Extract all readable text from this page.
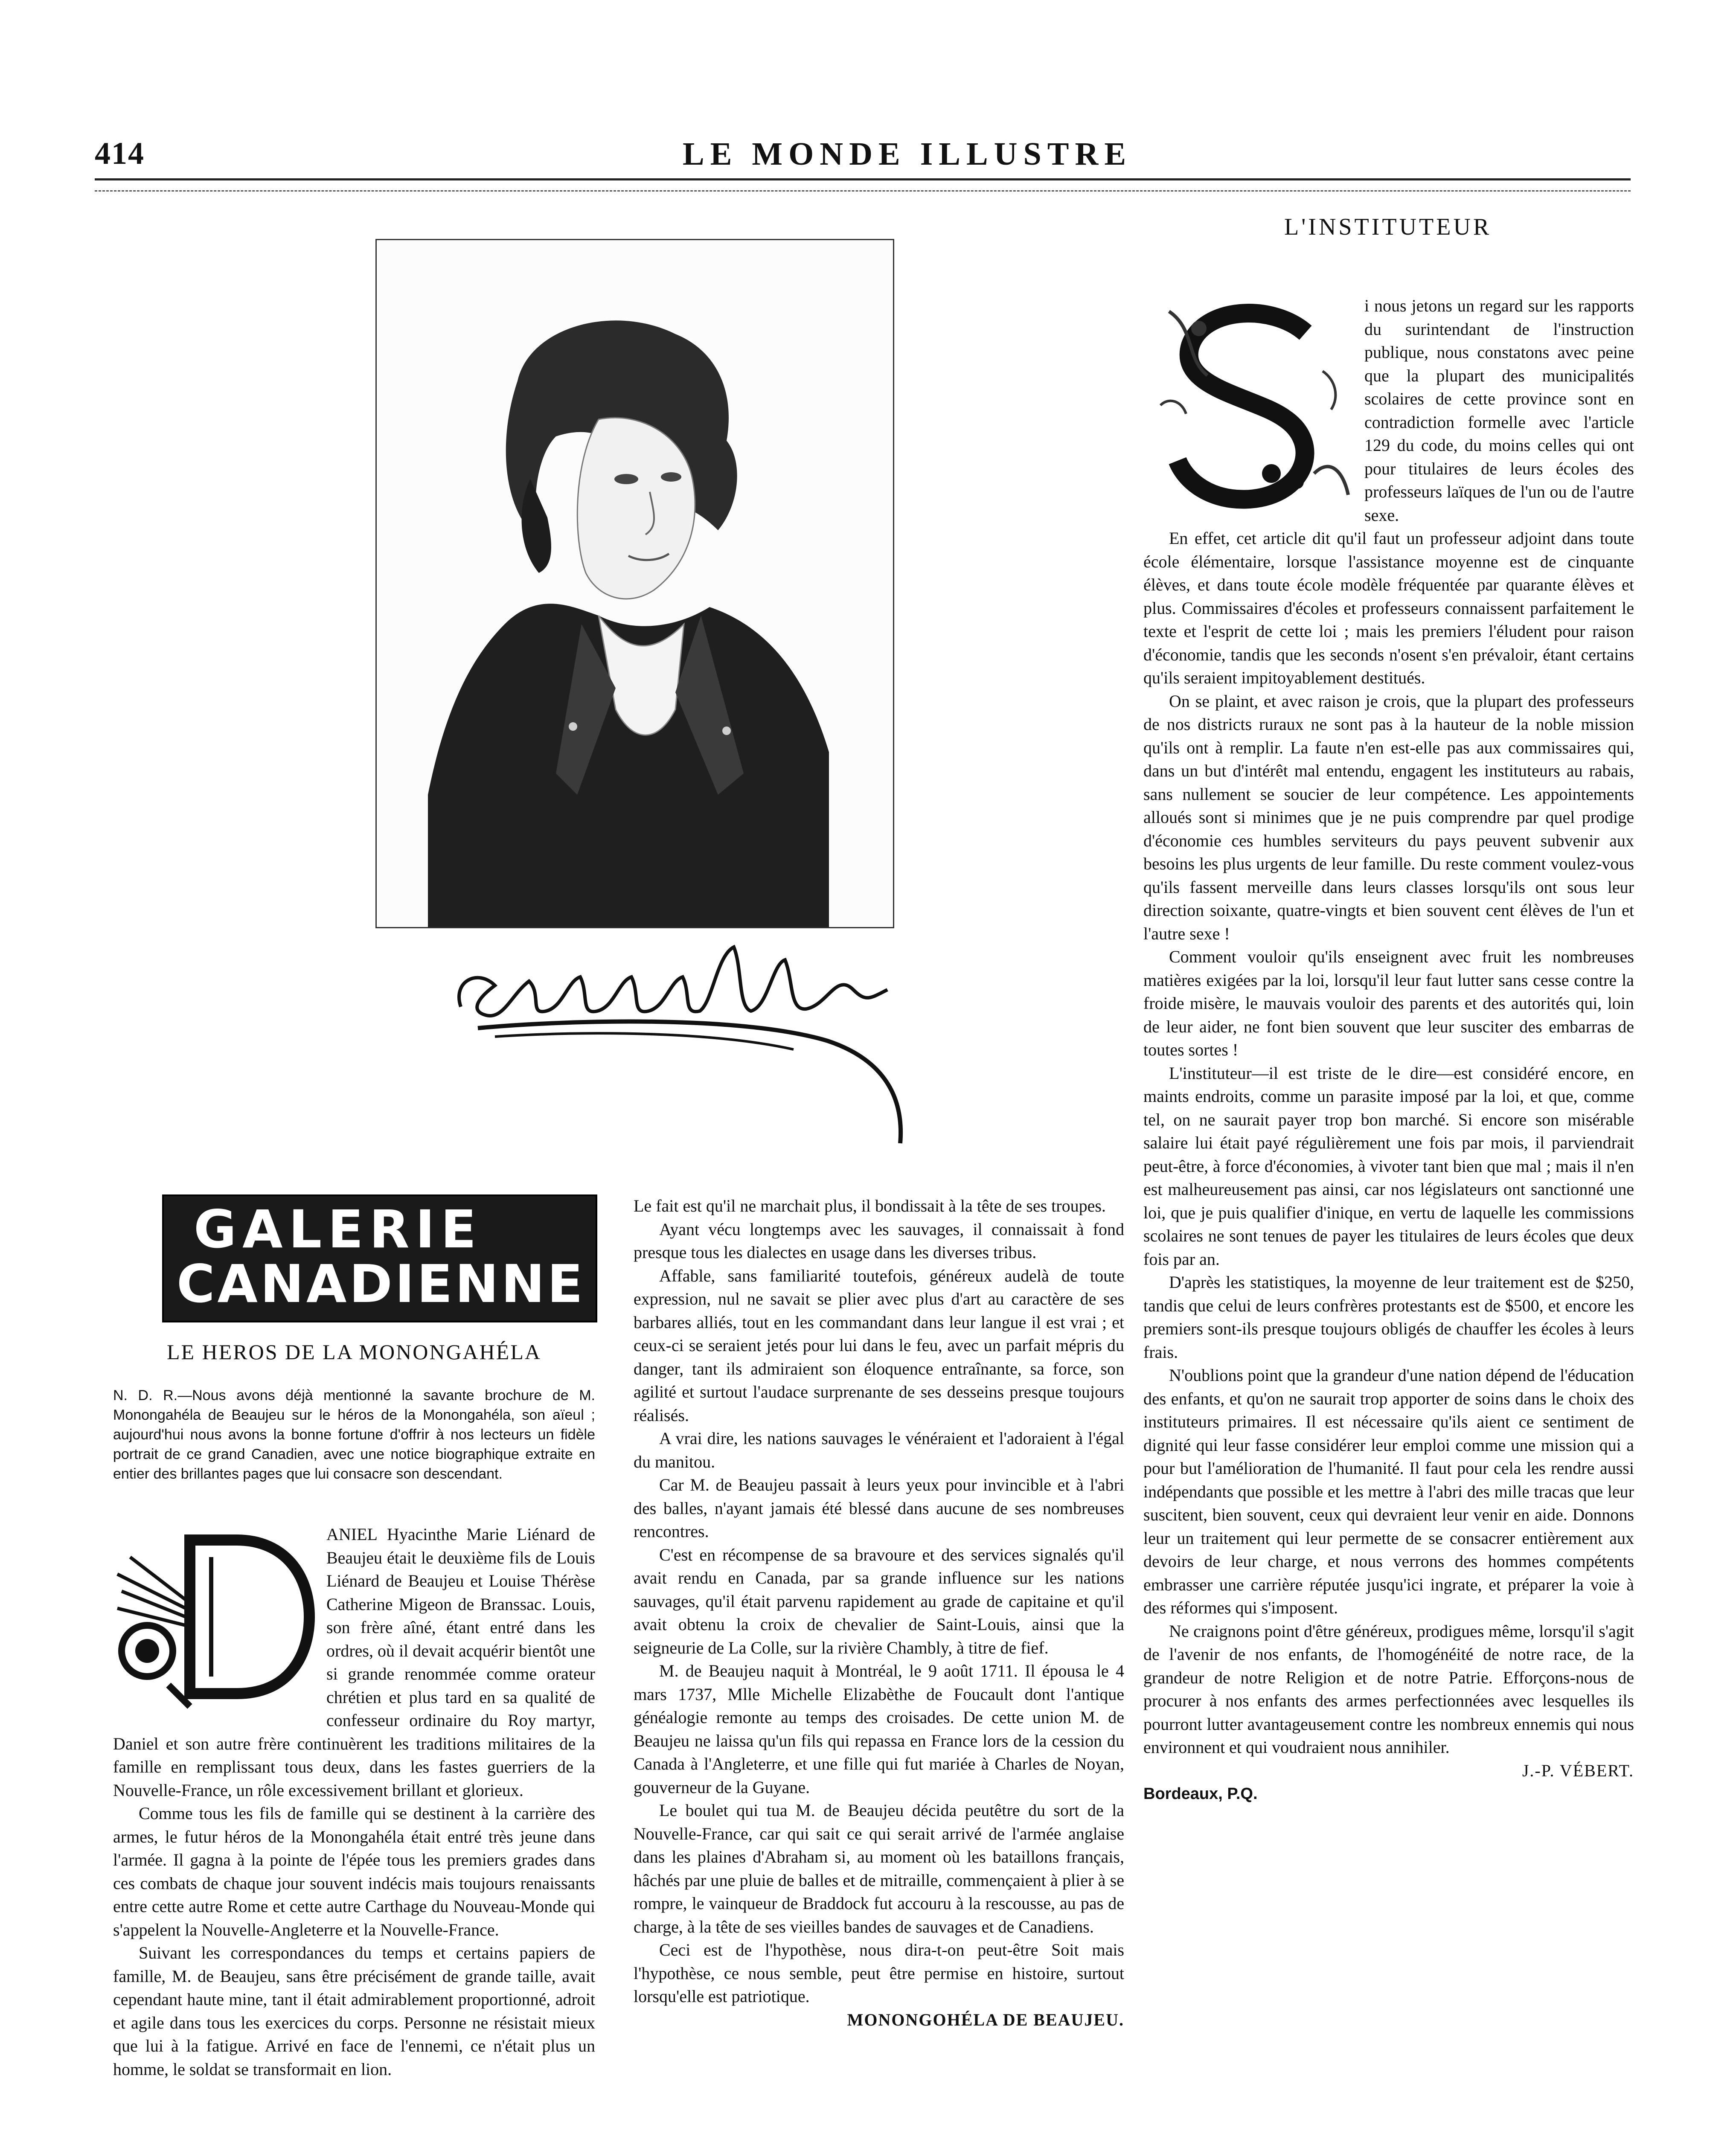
414	LE MONDE ILLUSTRE
GALERIE
CANADIENNE
LE HEROS DE LA MONONGAHÉLA
N. D. R.—Nous avons déjà mentionné la savante brochure de M. Monongahéla de Beaujeu sur le héros de la Monongahéla, son aïeul ; aujourd'hui nous avons la bonne fortune d'offrir à nos lecteurs un fidèle portrait de ce grand Canadien, avec une notice biographique extraite en entier des brillantes pages que lui consacre son descendant.

ANIEL Hyacinthe Marie Liénard de Beaujeu était le deuxième fils de Louis Liénard de Beaujeu et Louise Thérèse Catherine Migeon de Branssac. Louis, son frère aîné, étant entré dans les ordres, où il devait acquérir bientôt une si grande renommée comme orateur chrétien et plus tard en sa qualité de confesseur ordinaire du Roy martyr, Daniel et son autre frère continuèrent les traditions militaires de la famille en remplissant tous deux, dans les fastes guerriers de la Nouvelle-France, un rôle excessivement brillant et glorieux.

Comme tous les fils de famille qui se destinent à la carrière des armes, le futur héros de la Monongahéla était entré très jeune dans l'armée. Il gagna à la pointe de l'épée tous les premiers grades dans ces combats de chaque jour souvent indécis mais toujours renaissants entre cette autre Rome et cette autre Carthage du Nouveau-Monde qui s'appelent la Nouvelle-Angleterre et la Nouvelle-France.

Suivant les correspondances du temps et certains papiers de famille, M. de Beaujeu, sans être précisément de grande taille, avait cependant haute mine, tant il était admirablement proportionné, adroit et agile dans tous les exercices du corps. Personne ne résistait mieux que lui à la fatigue. Arrivé en face de l'ennemi, ce n'était plus un homme, le soldat se transformait en lion.

Le fait est qu'il ne marchait plus, il bondissait à la tête de ses troupes.

Ayant vécu longtemps avec les sauvages, il connaissait à fond presque tous les dialectes en usage dans les diverses tribus.

Affable, sans familiarité toutefois, généreux audelà de toute expression, nul ne savait se plier avec plus d'art au caractère de ses barbares alliés, tout en les commandant dans leur langue il est vrai ; et ceux-ci se seraient jetés pour lui dans le feu, avec un parfait mépris du danger, tant ils admiraient son éloquence entraînante, sa force, son agilité et surtout l'audace surprenante de ses desseins presque toujours réalisés.

A vrai dire, les nations sauvages le vénéraient et l'adoraient à l'égal du manitou.

Car M. de Beaujeu passait à leurs yeux pour invincible et à l'abri des balles, n'ayant jamais été blessé dans aucune de ses nombreuses rencontres.

C'est en récompense de sa bravoure et des services signalés qu'il avait rendu en Canada, par sa grande influence sur les nations sauvages, qu'il était parvenu rapidement au grade de capitaine et qu'il avait obtenu la croix de chevalier de Saint-Louis, ainsi que la seigneurie de La Colle, sur la rivière Chambly, à titre de fief.

M. de Beaujeu naquit à Montréal, le 9 août 1711. Il épousa le 4 mars 1737, Mlle Michelle Elizabèthe de Foucault dont l'antique généalogie remonte au temps des croisades. De cette union M. de Beaujeu ne laissa qu'un fils qui repassa en France lors de la cession du Canada à l'Angleterre, et une fille qui fut mariée à Charles de Noyan, gouverneur de la Guyane.

Le boulet qui tua M. de Beaujeu décida peutêtre du sort de la Nouvelle-France, car qui sait ce qui serait arrivé de l'armée anglaise dans les plaines d'Abraham si, au moment où les bataillons français, hâchés par une pluie de balles et de mitraille, commençaient à plier à se rompre, le vainqueur de Braddock fut accouru à la rescousse, au pas de charge, à la tête de ses vieilles bandes de sauvages et de Canadiens.

Ceci est de l'hypothèse, nous dira-t-on peut-être Soit mais l'hypothèse, ce nous semble, peut être permise en histoire, surtout lorsqu'elle est patriotique.

MONONGOHÉLA DE BEAUJEU.

L'INSTITUTEUR

i nous jetons un regard sur les rapports du surintendant de l'instruction publique, nous constatons avec peine que la plupart des municipalités scolaires de cette province sont en contradiction formelle avec l'article 129 du code, du moins celles qui ont pour titulaires de leurs écoles des professeurs laïques de l'un ou de l'autre sexe.

En effet, cet article dit qu'il faut un professeur adjoint dans toute école élémentaire, lorsque l'assistance moyenne est de cinquante élèves, et dans toute école modèle fréquentée par quarante élèves et plus. Commissaires d'écoles et professeurs connaissent parfaitement le texte et l'esprit de cette loi ; mais les premiers l'éludent pour raison d'économie, tandis que les seconds n'osent s'en prévaloir, étant certains qu'ils seraient impitoyablement destitués.

On se plaint, et avec raison je crois, que la plupart des professeurs de nos districts ruraux ne sont pas à la hauteur de la noble mission qu'ils ont à remplir. La faute n'en est-elle pas aux commissaires qui, dans un but d'intérêt mal entendu, engagent les instituteurs au rabais, sans nullement se soucier de leur compétence. Les appointements alloués sont si minimes que je ne puis comprendre par quel prodige d'économie ces humbles serviteurs du pays peuvent subvenir aux besoins les plus urgents de leur famille. Du reste comment voulez-vous qu'ils fassent merveille dans leurs classes lorsqu'ils ont sous leur direction soixante, quatre-vingts et bien souvent cent élèves de l'un et l'autre sexe !

Comment vouloir qu'ils enseignent avec fruit les nombreuses matières exigées par la loi, lorsqu'il leur faut lutter sans cesse contre la froide misère, le mauvais vouloir des parents et des autorités qui, loin de leur aider, ne font bien souvent que leur susciter des embarras de toutes sortes !

L'instituteur—il est triste de le dire—est considéré encore, en maints endroits, comme un parasite imposé par la loi, et que, comme tel, on ne saurait payer trop bon marché. Si encore son misérable salaire lui était payé régulièrement une fois par mois, il parviendrait peut-être, à force d'économies, à vivoter tant bien que mal ; mais il n'en est malheureusement pas ainsi, car nos législateurs ont sanctionné une loi, que je puis qualifier d'inique, en vertu de laquelle les commissions scolaires ne sont tenues de payer les titulaires de leurs écoles que deux fois par an.

D'après les statistiques, la moyenne de leur traitement est de $250, tandis que celui de leurs confrères protestants est de $500, et encore les premiers sont-ils presque toujours obligés de chauffer les écoles à leurs frais.

N'oublions point que la grandeur d'une nation dépend de l'éducation des enfants, et qu'on ne saurait trop apporter de soins dans le choix des instituteurs primaires. Il est nécessaire qu'ils aient ce sentiment de dignité qui leur fasse considérer leur emploi comme une mission qui a pour but l'amélioration de l'humanité. Il faut pour cela les rendre aussi indépendants que possible et les mettre à l'abri des mille tracas que leur suscitent, bien souvent, ceux qui devraient leur venir en aide. Donnons leur un traitement qui leur permette de se consacrer entièrement aux devoirs de leur charge, et nous verrons des hommes compétents embrasser une carrière réputée jusqu'ici ingrate, et préparer la voie à des réformes qui s'imposent.

Ne craignons point d'être généreux, prodigues même, lorsqu'il s'agit de l'avenir de nos enfants, de l'homogénéité de notre race, de la grandeur de notre Religion et de notre Patrie. Efforçons-nous de procurer à nos enfants des armes perfectionnées avec lesquelles ils pourront lutter avantageusement contre les nombreux ennemis qui nous environnent et qui voudraient nous annihiler.

J.-P. VÉBERT.

Bordeaux, P.Q.
